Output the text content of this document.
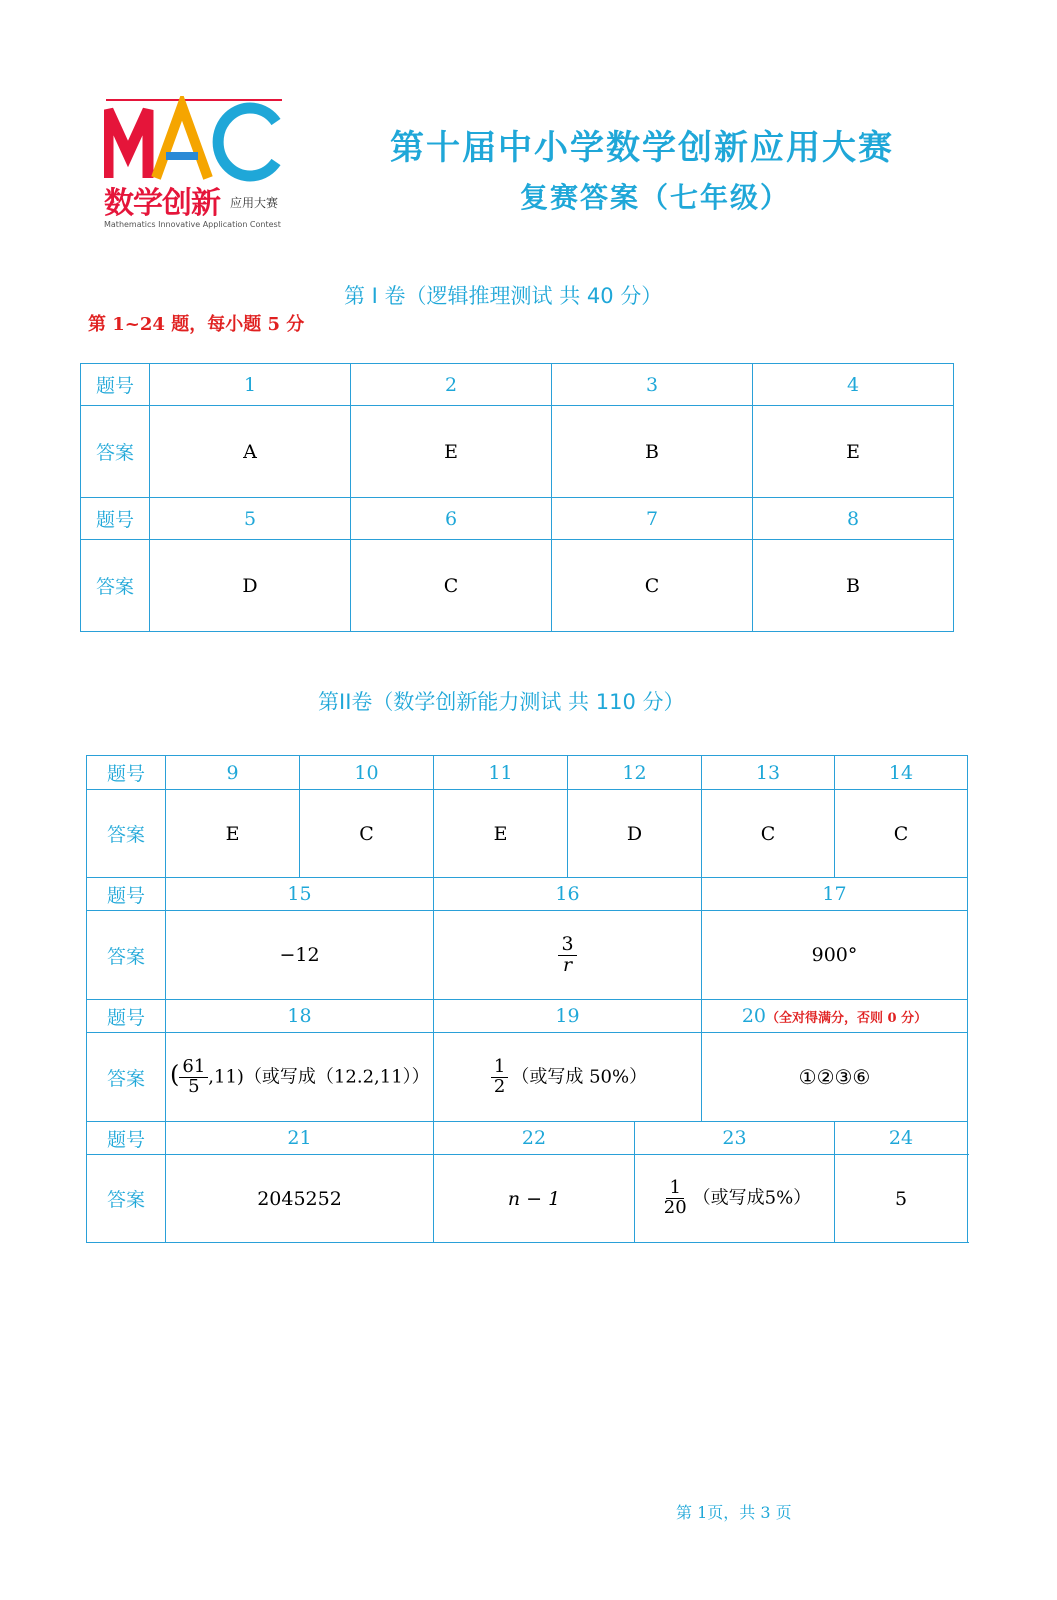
数学创新 应用大赛
Mathematics Innovative Application Contest
第十届中小学数学创新应用大赛
复赛答案（七年级）
第 I 卷（逻辑推理测试 共 40 分）
第 1~24 题，每小题 5 分
题号	1	2	3	4
答案	A	E	B	E
题号	5	6	7	8
答案	D	C	C	B
第II卷（数学创新能力测试 共 110 分）
题号	9	10	11	12		13	14
答案	E	C	E	D		C	C
题号	15		16			17	
答案	−12		$\frac{3}{r}$			900°	
题号	18		19			20（全对得满分，否则 0 分）	
答案	( $\frac{61}{5} ,11$)（或写成（12.2,11））		$\frac{1}{2}$ （或写成 50%）			①②③⑥	
题号	21		22		23		24
答案	2045252		n − 1		$\frac{1}{20}$ （或写成5%）		5
第 1页，共 3 页
